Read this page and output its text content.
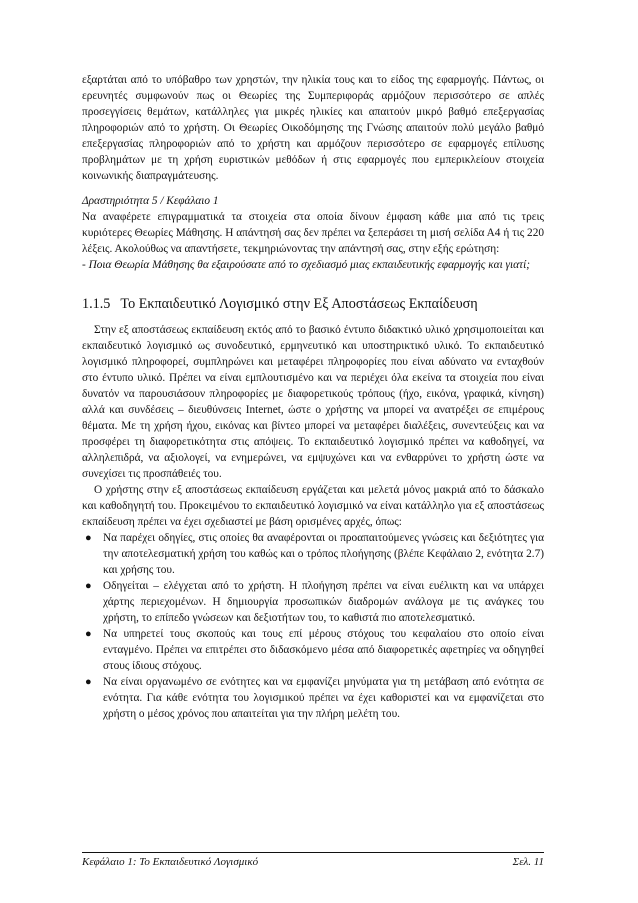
εξαρτάται από το υπόβαθρο των χρηστών, την ηλικία τους και το είδος της εφαρμογής. Πάντως, οι ερευνητές συμφωνούν πως οι Θεωρίες της Συμπεριφοράς αρμόζουν περισσότερο σε απλές προσεγγίσεις θεμάτων, κατάλληλες για μικρές ηλικίες και απαιτούν μικρό βαθμό επεξεργασίας πληροφοριών από το χρήστη. Οι Θεωρίες Οικοδόμησης της Γνώσης απαιτούν πολύ μεγάλο βαθμό επεξεργασίας πληροφοριών από το χρήστη και αρμόζουν περισσότερο σε εφαρμογές επίλυσης προβλημάτων με τη χρήση ευριστικών μεθόδων ή στις εφαρμογές που εμπερικλείουν στοιχεία κοινωνικής διαπραγμάτευσης.

Δραστηριότητα 5 / Κεφάλαιο 1

Να αναφέρετε επιγραμματικά τα στοιχεία στα οποία δίνουν έμφαση κάθε μια από τις τρεις κυριότερες Θεωρίες Μάθησης. Η απάντησή σας δεν πρέπει να ξεπεράσει τη μισή σελίδα Α4 ή τις 220 λέξεις. Ακολούθως να απαντήσετε, τεκμηριώνοντας την απάντησή σας, στην εξής ερώτηση:

- Ποια Θεωρία Μάθησης θα εξαιρούσατε από το σχεδιασμό μιας εκπαιδευτικής εφαρμογής και γιατί;

1.1.5 Το Εκπαιδευτικό Λογισμικό στην Εξ Αποστάσεως Εκπαίδευση

Στην εξ αποστάσεως εκπαίδευση εκτός από το βασικό έντυπο διδακτικό υλικό χρησιμοποιείται και εκπαιδευτικό λογισμικό ως συνοδευτικό, ερμηνευτικό και υποστηρικτικό υλικό. Το εκπαιδευτικό λογισμικό πληροφορεί, συμπληρώνει και μεταφέρει πληροφορίες που είναι αδύνατο να ενταχθούν στο έντυπο υλικό. Πρέπει να είναι εμπλουτισμένο και να περιέχει όλα εκείνα τα στοιχεία που είναι δυνατόν να παρουσιάσουν πληροφορίες με διαφορετικούς τρόπους (ήχο, εικόνα, γραφικά, κίνηση) αλλά και συνδέσεις – διευθύνσεις Internet, ώστε ο χρήστης να μπορεί να ανατρέξει σε επιμέρους θέματα. Με τη χρήση ήχου, εικόνας και βίντεο μπορεί να μεταφέρει διαλέξεις, συνεντεύξεις και να προσφέρει τη διαφορετικότητα στις απόψεις. Το εκπαιδευτικό λογισμικό πρέπει να καθοδηγεί, να αλληλεπιδρά, να αξιολογεί, να ενημερώνει, να εμψυχώνει και να ενθαρρύνει το χρήστη ώστε να συνεχίσει τις προσπάθειές του.

Ο χρήστης στην εξ αποστάσεως εκπαίδευση εργάζεται και μελετά μόνος μακριά από το δάσκαλο και καθοδηγητή του. Προκειμένου το εκπαιδευτικό λογισμικό να είναι κατάλληλο για εξ αποστάσεως εκπαίδευση πρέπει να έχει σχεδιαστεί με βάση ορισμένες αρχές, όπως:

● Να παρέχει οδηγίες, στις οποίες θα αναφέρονται οι προαπαιτούμενες γνώσεις και δεξιότητες για την αποτελεσματική χρήση του καθώς και ο τρόπος πλοήγησης (βλέπε Κεφάλαιο 2, ενότητα 2.7) και χρήσης του.
● Οδηγείται – ελέγχεται από το χρήστη. Η πλοήγηση πρέπει να είναι ευέλικτη και να υπάρχει χάρτης περιεχομένων. Η δημιουργία προσωπικών διαδρομών ανάλογα με τις ανάγκες του χρήστη, το επίπεδο γνώσεων και δεξιοτήτων του, το καθιστά πιο αποτελεσματικό.
● Να υπηρετεί τους σκοπούς και τους επί μέρους στόχους του κεφαλαίου στο οποίο είναι ενταγμένο. Πρέπει να επιτρέπει στο διδασκόμενο μέσα από διαφορετικές αφετηρίες να οδηγηθεί στους ίδιους στόχους.
● Να είναι οργανωμένο σε ενότητες και να εμφανίζει μηνύματα για τη μετάβαση από ενότητα σε ενότητα. Για κάθε ενότητα του λογισμικού πρέπει να έχει καθοριστεί και να εμφανίζεται στο χρήστη ο μέσος χρόνος που απαιτείται για την πλήρη μελέτη του.
Κεφάλαιο 1: Το Εκπαιδευτικό Λογισμικό	Σελ. 11
